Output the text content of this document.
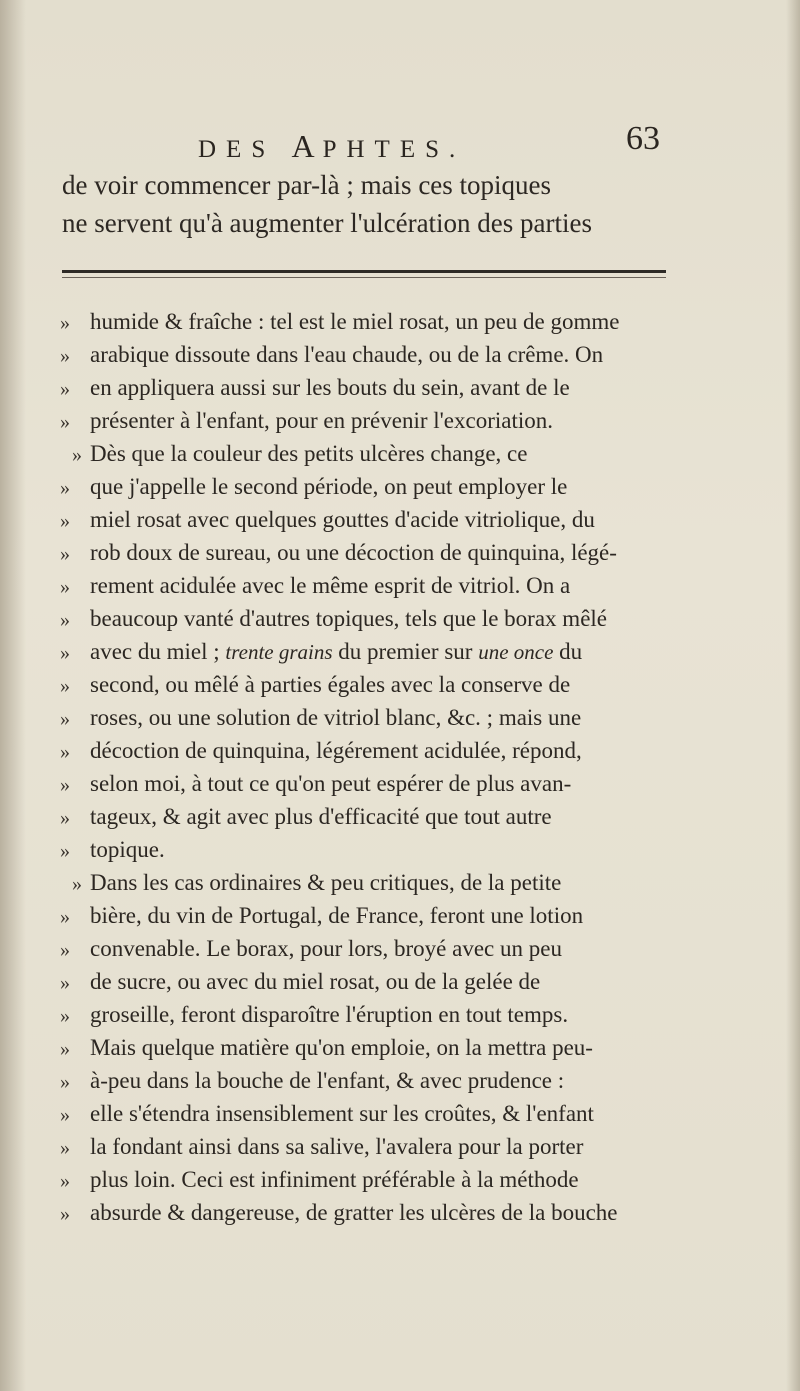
DES APHTES.	63
de voir commencer par-là ; mais ces topiques
ne servent qu'à augmenter l'ulcération des parties
» humide & fraîche : tel est le miel rosat, un peu de gomme
» arabique dissoute dans l'eau chaude, ou de la crême. On
» en appliquera aussi sur les bouts du sein, avant de le
» présenter à l'enfant, pour en prévenir l'excoriation.
» Dès que la couleur des petits ulcères change, ce
» que j'appelle le second période, on peut employer le
» miel rosat avec quelques gouttes d'acide vitriolique, du
» rob doux de sureau, ou une décoction de quinquina, légé-
» rement acidulée avec le même esprit de vitriol. On a
» beaucoup vanté d'autres topiques, tels que le borax mêlé
» avec du miel ; trente grains du premier sur une once du
» second, ou mêlé à parties égales avec la conserve de
» roses, ou une solution de vitriol blanc, &c. ; mais une
» décoction de quinquina, légérement acidulée, répond,
» selon moi, à tout ce qu'on peut espérer de plus avan-
» tageux, & agit avec plus d'efficacité que tout autre
» topique.
» Dans les cas ordinaires & peu critiques, de la petite
» bière, du vin de Portugal, de France, feront une lotion
» convenable. Le borax, pour lors, broyé avec un peu
» de sucre, ou avec du miel rosat, ou de la gelée de
» groseille, feront disparoître l'éruption en tout temps.
» Mais quelque matière qu'on emploie, on la mettra peu-
» à-peu dans la bouche de l'enfant, & avec prudence :
» elle s'étendra insensiblement sur les croûtes, & l'enfant
» la fondant ainsi dans sa salive, l'avalera pour la porter
» plus loin. Ceci est infiniment préférable à la méthode
» absurde & dangereuse, de gratter les ulcères de la bouche
